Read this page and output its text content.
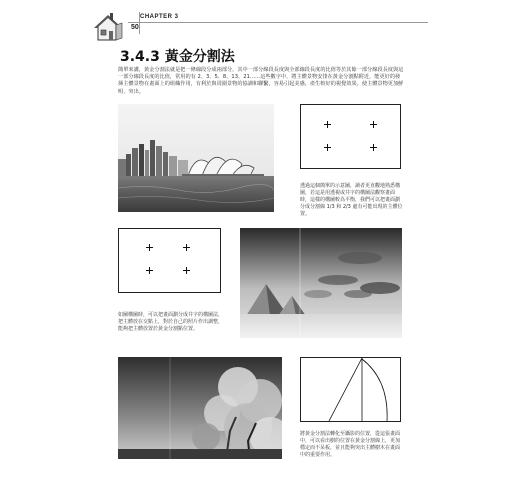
CHAPTER 3
50
3.4.3 黃金分割法
簡單來講，黃金分割法就是把一條線段分成兩部分，其中一部分線段長度與全部線段長度的比值等於其餘一部分線段長度與這一部分線段長度的比值，常用的有 2、3、5、8、13、21……這些數字中，將主體景物安排在黃金分割點附近，能更好的發揮主體景物在畫面上的組織作用，有利於與周圍景物的協調和聯繫，容易引起美感，產生較好的視覺效果，使主體景物更加鮮明、突出。
透過這個簡單的示意圖，讀者更直觀地熟悉構圖，若這是用透視或井字的構圖法觀察畫面時，這樣的構圖較為平衡，我們可以把畫面劃分成分割線 1/3 和 2/3 處有可能出現的主體位置。
如圖構圖時，可以把畫面劃分成井字的構圖法，把主體放在交點上，對於自己的照片作出調整，能夠把主體放置於黃金分割點位置。
將黃金分割法轉化至攝影的位置，從這張畫面中，可以看出樹的位置在黃金分割線上，更加穩定而不呆板，並且能夠突出主體樹木在畫面中的重要作用。
